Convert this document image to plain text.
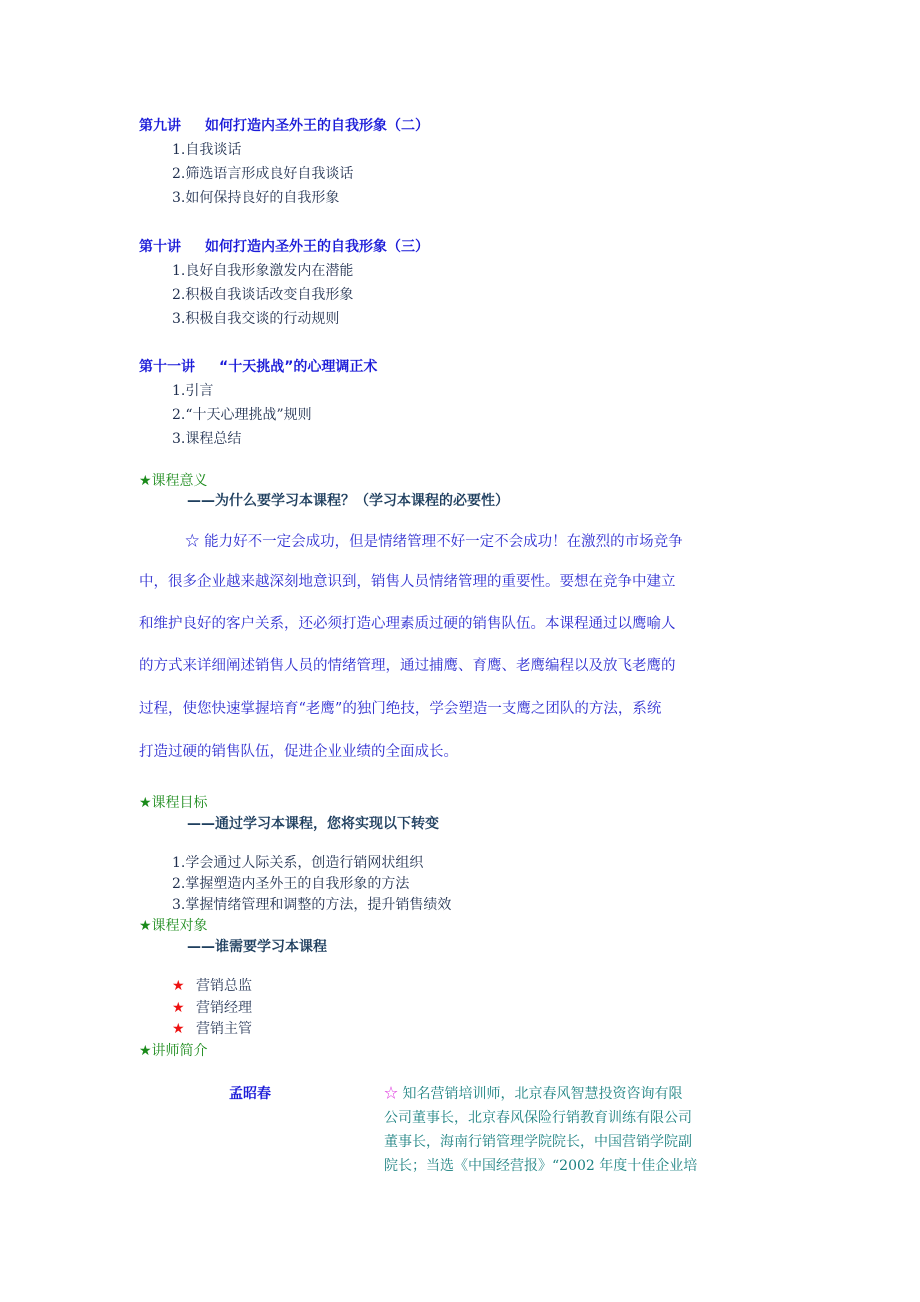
第九讲 如何打造内圣外王的自我形象（二）
1.自我谈话
2.筛选语言形成良好自我谈话
3.如何保持良好的自我形象
第十讲 如何打造内圣外王的自我形象（三）
1.良好自我形象激发内在潜能
2.积极自我谈话改变自我形象
3.积极自我交谈的行动规则
第十一讲 “十天挑战”的心理调正术
1.引言
2.“十天心理挑战”规则
3.课程总结
★课程意义
——为什么要学习本课程？（学习本课程的必要性）
☆ 能力好不一定会成功，但是情绪管理不好一定不会成功！在激烈的市场竞争
中，很多企业越来越深刻地意识到，销售人员情绪管理的重要性。要想在竞争中建立
和维护良好的客户关系，还必须打造心理素质过硬的销售队伍。本课程通过以鹰喻人
的方式来详细阐述销售人员的情绪管理，通过捕鹰、育鹰、老鹰编程以及放飞老鹰的
过程，使您快速掌握培育“老鹰”的独门绝技，学会塑造一支鹰之团队的方法，系统
打造过硬的销售队伍，促进企业业绩的全面成长。
★课程目标
——通过学习本课程，您将实现以下转变
1.学会通过人际关系，创造行销网状组织
2.掌握塑造内圣外王的自我形象的方法
3.掌握情绪管理和调整的方法，提升销售绩效
★课程对象
——谁需要学习本课程
★ 营销总监
★ 营销经理
★ 营销主管
★讲师简介
孟昭春	☆ 知名营销培训师，北京春风智慧投资咨询有限
公司董事长，北京春风保险行销教育训练有限公司
董事长，海南行销管理学院院长，中国营销学院副
院长；当选《中国经营报》“2002 年度十佳企业培
